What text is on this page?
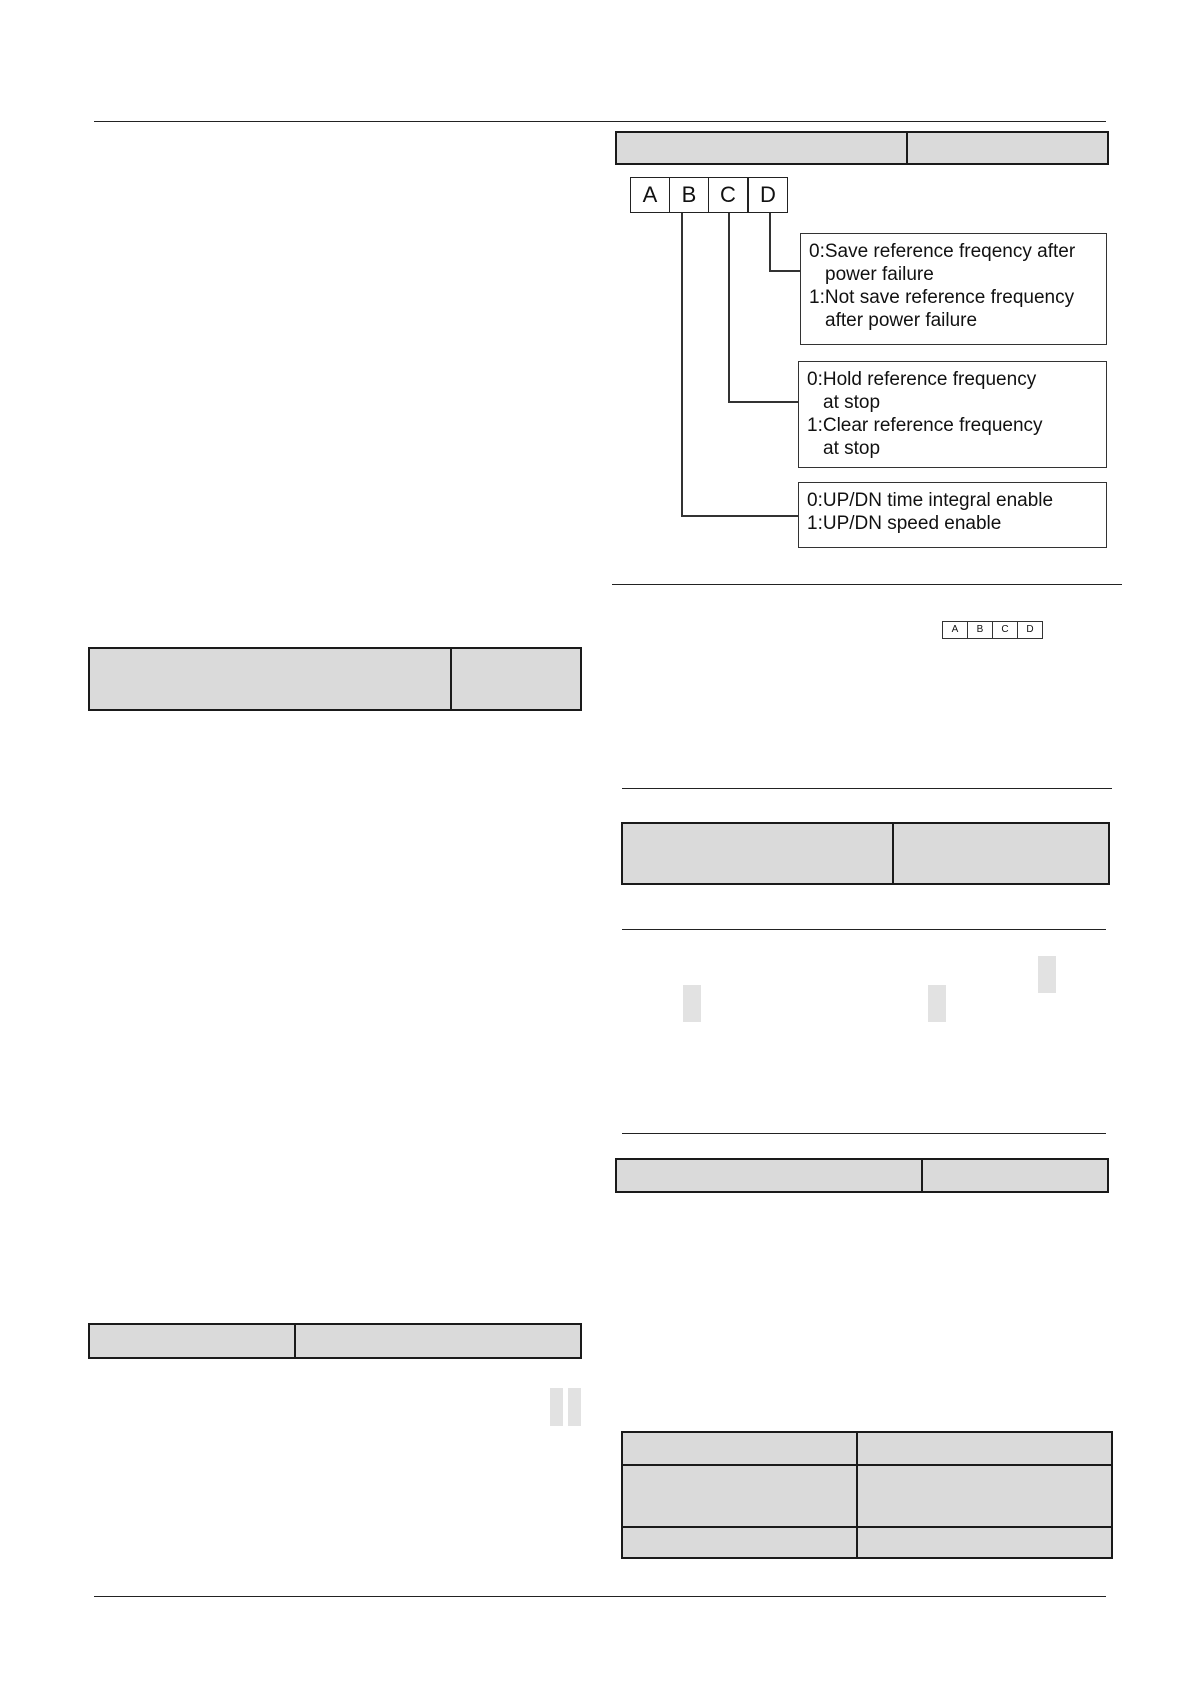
A	B	C	D
0:Save reference freqency after
power failure
1:Not save reference frequency
after power failure
0:Hold reference frequency
at stop
1:Clear reference frequency
at stop
0:UP/DN time integral enable
1:UP/DN speed enable
A	B	C	D
